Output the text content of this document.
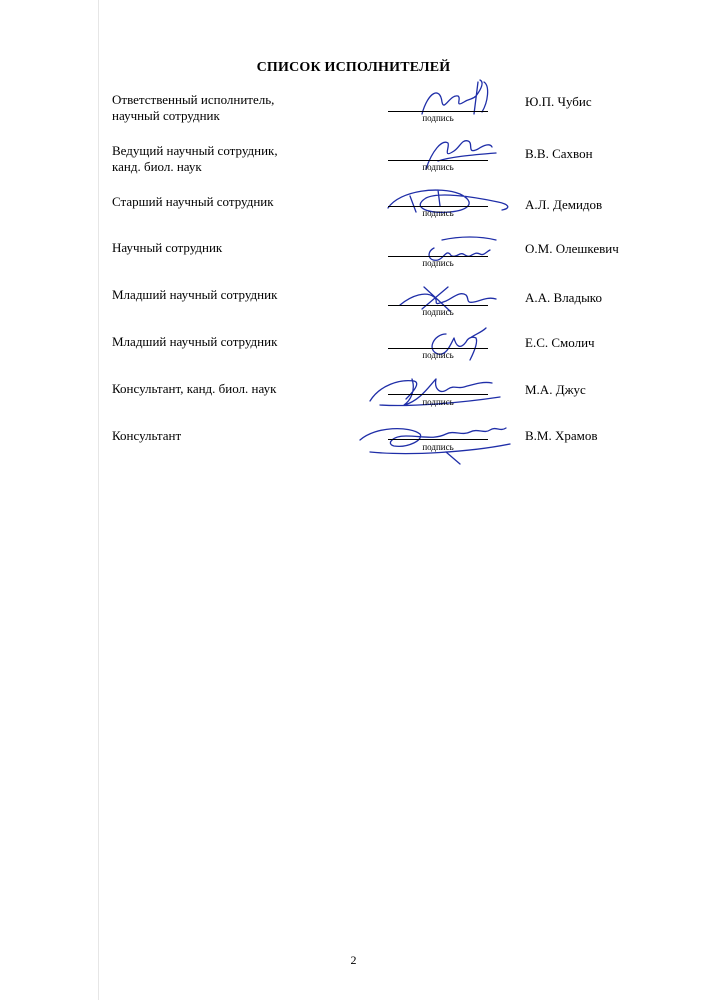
СПИСОК ИСПОЛНИТЕЛЕЙ
Ответственный исполнитель,
научный сотрудник	подпись
Ю.П. Чубис
Ведущий научный сотрудник,
канд. биол. наук	подпись
В.В. Сахвон
Старший научный сотрудник
подпись
А.Л. Демидов
Научный сотрудник
подпись
О.М. Олешкевич
Младший научный сотрудник
подпись
А.А. Владыко
Младший научный сотрудник
подпись
Е.С. Смолич
Консультант, канд. биол. наук
подпись
М.А. Джус
Консультант
подпись
В.М. Храмов
2
